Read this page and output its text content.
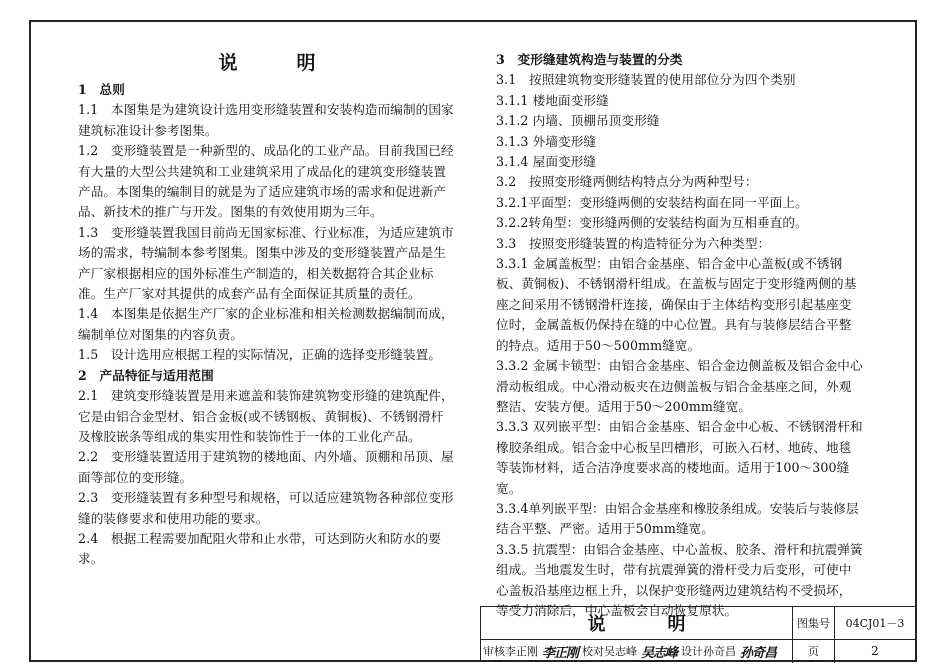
说　明

1　总则

1.1　本图集是为建筑设计选用变形缝装置和安装构造而编制的国家建筑标准设计参考图集。

1.2　变形缝装置是一种新型的、成品化的工业产品。目前我国已经有大量的大型公共建筑和工业建筑采用了成品化的建筑变形缝装置产品。本图集的编制目的就是为了适应建筑市场的需求和促进新产品、新技术的推广与开发。图集的有效使用期为三年。

1.3　变形缝装置我国目前尚无国家标准、行业标准，为适应建筑市场的需求，特编制本参考图集。图集中涉及的变形缝装置产品是生产厂家根据相应的国外标准生产制造的，相关数据符合其企业标准。生产厂家对其提供的成套产品有全面保证其质量的责任。

1.4　本图集是依据生产厂家的企业标准和相关检测数据编制而成，编制单位对图集的内容负责。

1.5　设计选用应根据工程的实际情况，正确的选择变形缝装置。

2　产品特征与适用范围

2.1　建筑变形缝装置是用来遮盖和装饰建筑物变形缝的建筑配件，它是由铝合金型材、铝合金板(或不锈钢板、黄铜板)、不锈钢滑杆及橡胶嵌条等组成的集实用性和装饰性于一体的工业化产品。

2.2　变形缝装置适用于建筑物的楼地面、内外墙、顶棚和吊顶、屋面等部位的变形缝。

2.3　变形缝装置有多种型号和规格，可以适应建筑物各种部位变形缝的装修要求和使用功能的要求。

2.4　根据工程需要加配阻火带和止水带，可达到防火和防水的要求。

3　变形缝建筑构造与装置的分类

3.1　按照建筑物变形缝装置的使用部位分为四个类别

3.1.1 楼地面变形缝

3.1.2 内墙、顶棚吊顶变形缝

3.1.3 外墙变形缝

3.1.4 屋面变形缝

3.2　按照变形缝两侧结构特点分为两种型号：

3.2.1平面型：变形缝两侧的安装结构面在同一平面上。

3.2.2转角型：变形缝两侧的安装结构面为互相垂直的。

3.3　按照变形缝装置的构造特征分为六种类型：

3.3.1 金属盖板型：由铝合金基座、铝合金中心盖板(或不锈钢板、黄铜板)、不锈钢滑杆组成。在盖板与固定于变形缝两侧的基座之间采用不锈钢滑杆连接，确保由于主体结构变形引起基座变位时，金属盖板仍保持在缝的中心位置。具有与装修层结合平整的特点。适用于50～500mm缝宽。

3.3.2 金属卡锁型：由铝合金基座、铝合金边侧盖板及铝合金中心滑动板组成。中心滑动板夹在边侧盖板与铝合金基座之间，外观整洁、安装方便。适用于50～200mm缝宽。

3.3.3 双列嵌平型：由铝合金基座、铝合金中心板、不锈钢滑杆和橡胶条组成。铝合金中心板呈凹槽形，可嵌入石材、地砖、地毯等装饰材料，适合洁净度要求高的楼地面。适用于100～300缝宽。

3.3.4单列嵌平型：由铝合金基座和橡胶条组成。安装后与装修层结合平整、严密。适用于50mm缝宽。

3.3.5 抗震型：由铝合金基座、中心盖板、胶条、滑杆和抗震弹簧组成。当地震发生时，带有抗震弹簧的滑杆受力后变形，可使中心盖板沿基座边框上升，以保护变形缝两边建筑结构不受损坏，等受力消除后，中心盖板会自动恢复原状。

说　明	图集号	04CJ01－3
审核 李正刚 李正刚 校对 吴志峰 吴志峰 设计 孙奇昌 孙奇昌	页	2
